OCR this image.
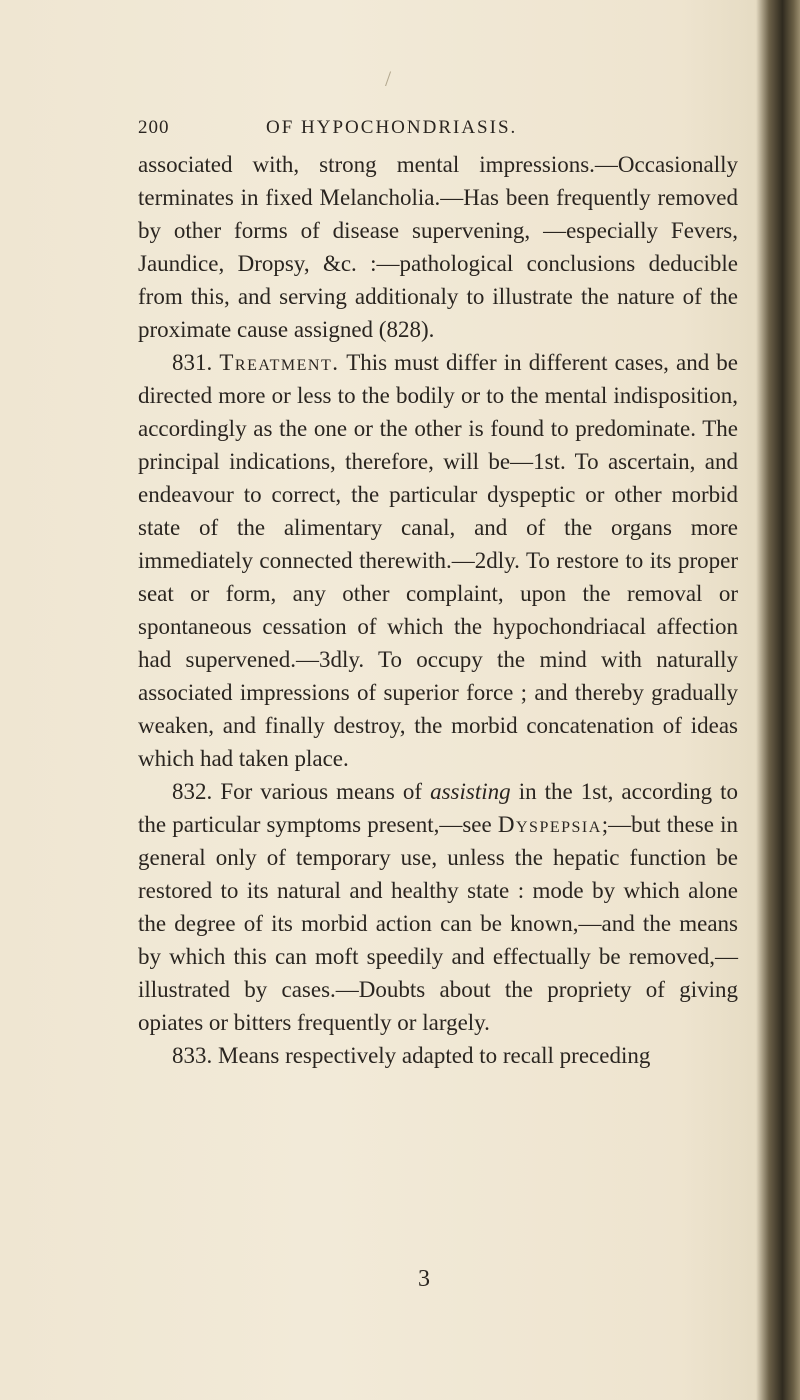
/
200	OF HYPOCHONDRIASIS.

associated with, strong mental impressions.—Occasionally terminates in fixed Melancholia.—Has been frequently removed by other forms of disease supervening, —especially Fevers, Jaundice, Dropsy, &c. :—pathological conclusions deducible from this, and serving additionaly to illustrate the nature of the proximate cause assigned (828).

831. Treatment. This must differ in different cases, and be directed more or less to the bodily or to the mental indisposition, accordingly as the one or the other is found to predominate. The principal indications, therefore, will be—1st. To ascertain, and endeavour to correct, the particular dyspeptic or other morbid state of the alimentary canal, and of the organs more immediately connected therewith.—2dly. To restore to its proper seat or form, any other complaint, upon the removal or spontaneous cessation of which the hypochondriacal affection had supervened.—3dly. To occupy the mind with naturally associated impressions of superior force ; and thereby gradually weaken, and finally destroy, the morbid concatenation of ideas which had taken place.

832. For various means of assisting in the 1st, according to the particular symptoms present,—see Dyspepsia;—but these in general only of temporary use, unless the hepatic function be restored to its natural and healthy state : mode by which alone the degree of its morbid action can be known,—and the means by which this can moft speedily and effectually be removed,— illustrated by cases.—Doubts about the propriety of giving opiates or bitters frequently or largely.

833. Means respectively adapted to recall preceding

3
